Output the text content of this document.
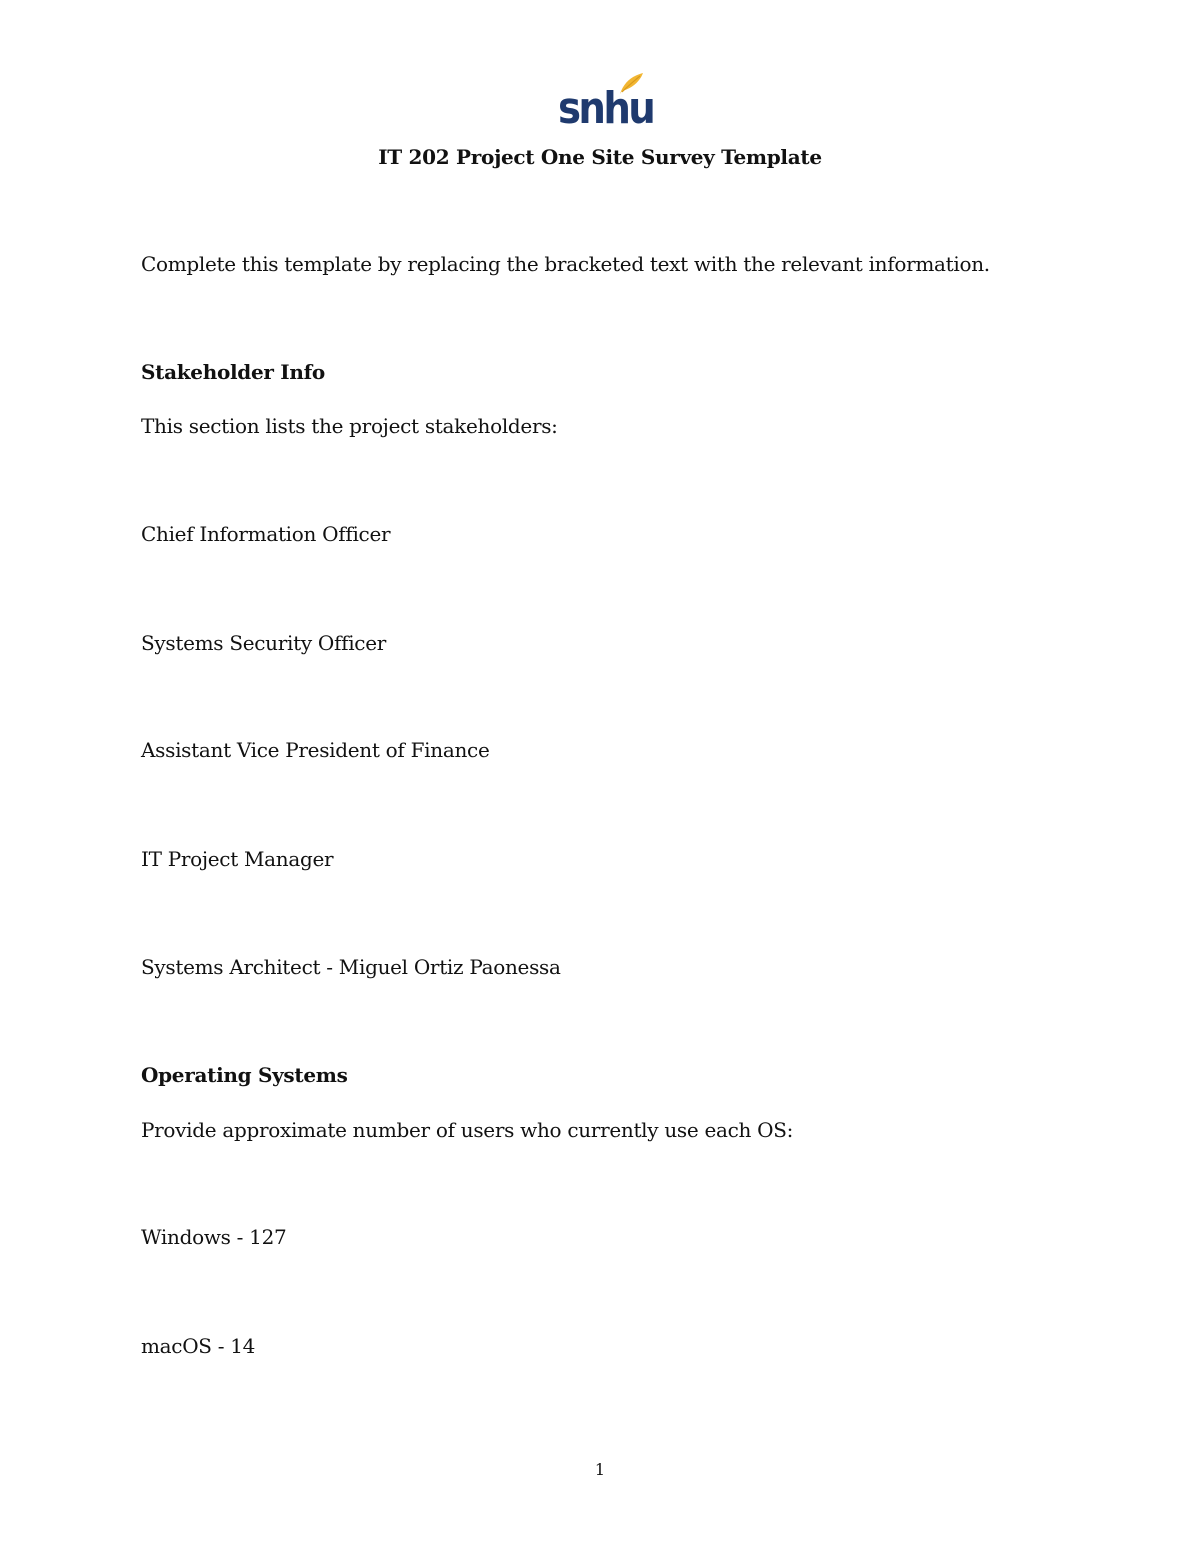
snhu
IT 202 Project One Site Survey Template
Complete this template by replacing the bracketed text with the relevant information.
Stakeholder Info
This section lists the project stakeholders:
Chief Information Officer
Systems Security Officer
Assistant Vice President of Finance
IT Project Manager
Systems Architect - Miguel Ortiz Paonessa
Operating Systems
Provide approximate number of users who currently use each OS:
Windows - 127
macOS - 14
1
